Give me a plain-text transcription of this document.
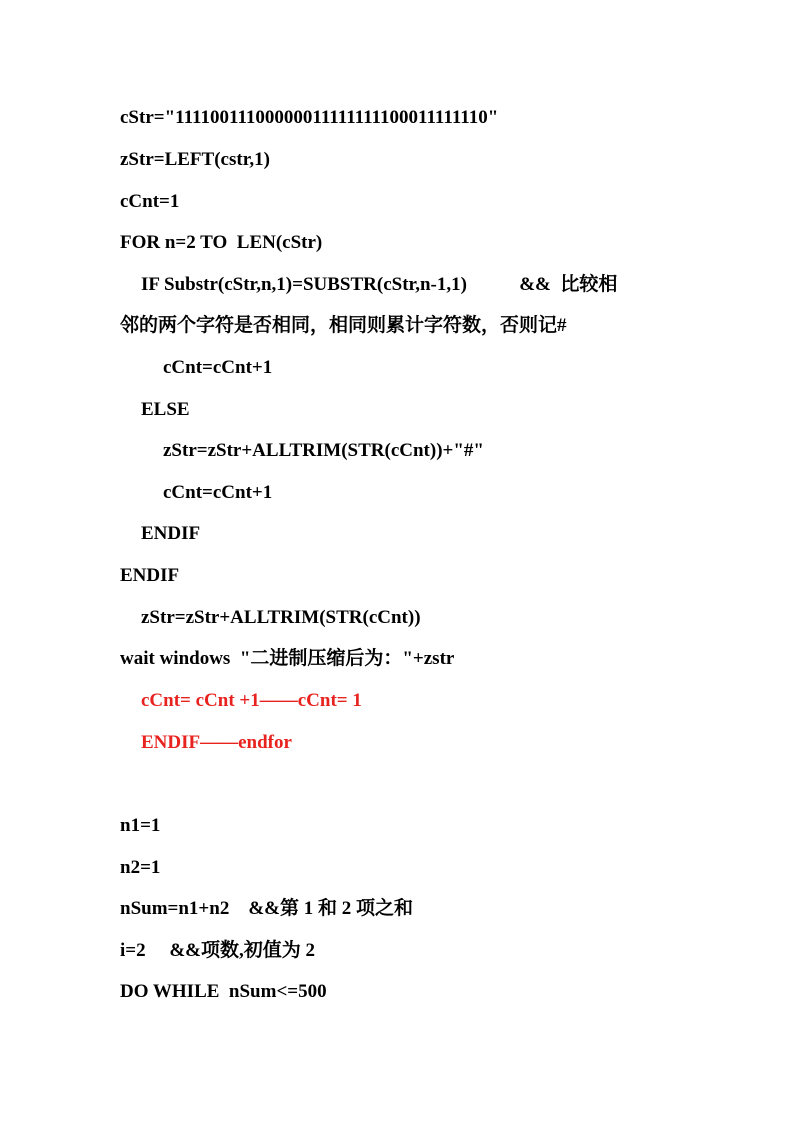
cStr="11110011100000011111111100011111110"
zStr=LEFT(cstr,1)
cCnt=1
FOR n=2 TO  LEN(cStr)
IF Substr(cStr,n,1)=SUBSTR(cStr,n-1,1)           &&  比较相
邻的两个字符是否相同，相同则累计字符数，否则记#
cCnt=cCnt+1
ELSE
zStr=zStr+ALLTRIM(STR(cCnt))+"#"
cCnt=cCnt+1
ENDIF
ENDIF
zStr=zStr+ALLTRIM(STR(cCnt))
wait windows  "二进制压缩后为："+zstr
cCnt= cCnt +1——cCnt= 1
ENDIF——endfor
n1=1
n2=1
nSum=n1+n2    &&第 1 和 2 项之和
i=2     &&项数,初值为 2
DO WHILE  nSum<=500
